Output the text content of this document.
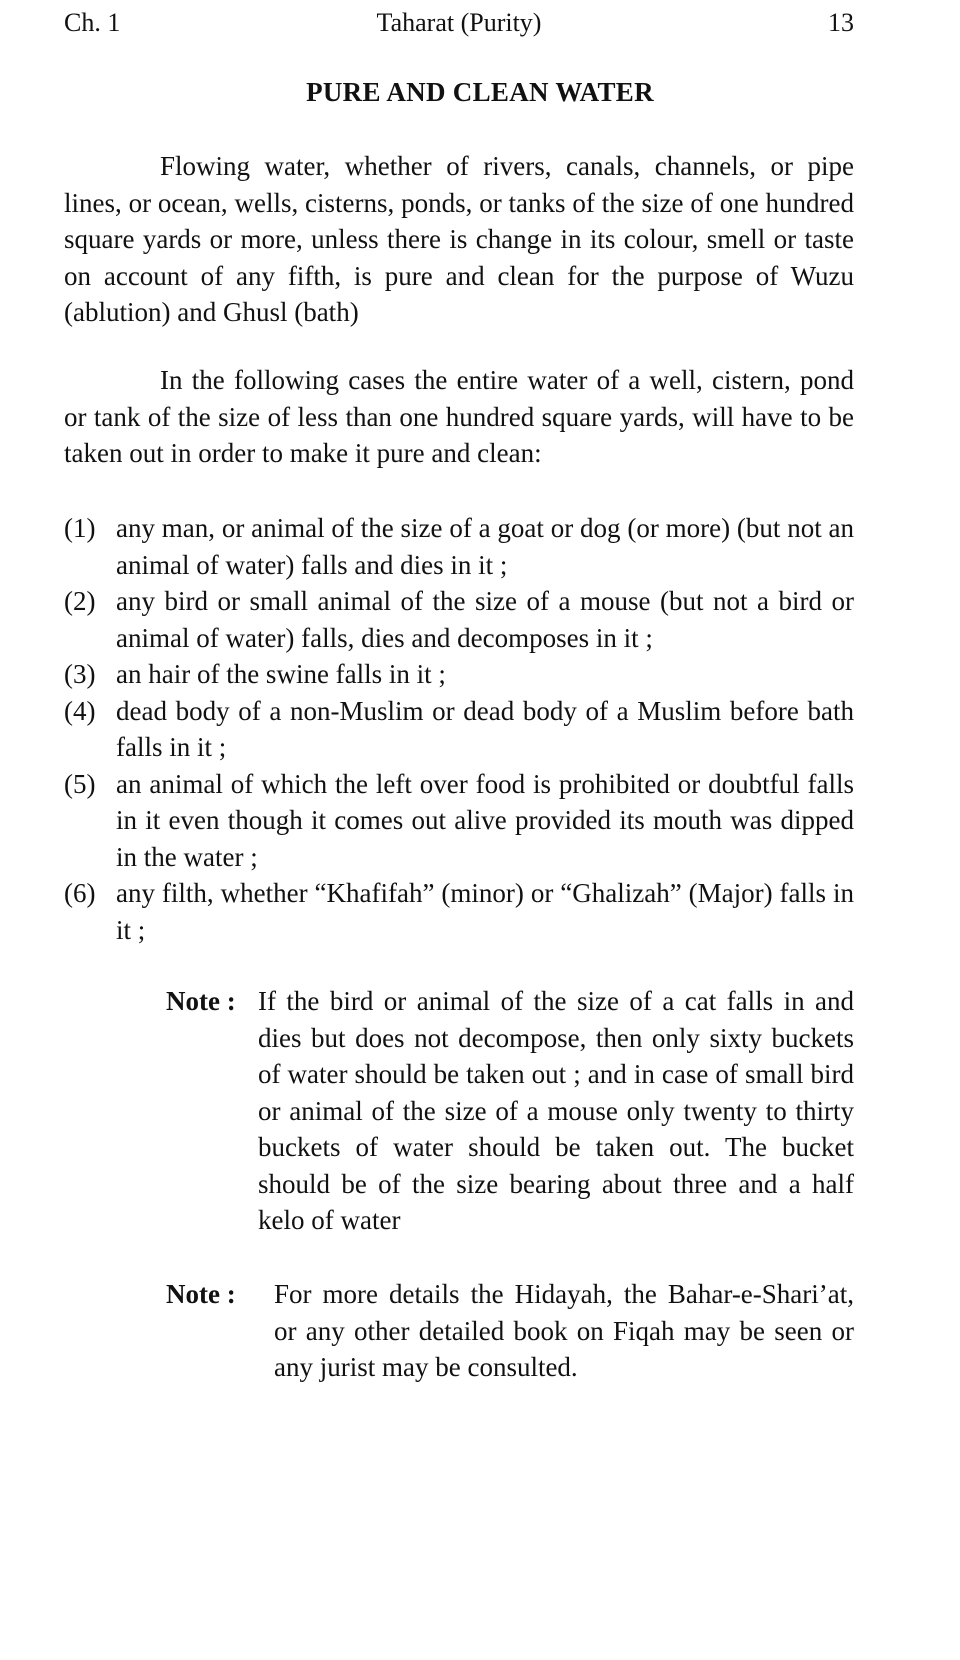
Ch. 1	Taharat (Purity)	13
PURE AND CLEAN WATER

Flowing water, whether of rivers, canals, channels, or pipe lines, or ocean, wells, cisterns, ponds, or tanks of the size of one hundred square yards or more, unless there is change in its colour, smell or taste on account of any fifth, is pure and clean for the purpose of Wuzu (ablution) and Ghusl (bath)

In the following cases the entire water of a well, cistern, pond or tank of the size of less than one hundred square yards, will have to be taken out in order to make it pure and clean:

(1) any man, or animal of the size of a goat or dog (or more) (but not an animal of water) falls and dies in it ;
(2) any bird or small animal of the size of a mouse (but not a bird or animal of water) falls, dies and decomposes in it ;
(3) an hair of the swine falls in it ;
(4) dead body of a non-Muslim or dead body of a Muslim before bath falls in it ;
(5) an animal of which the left over food is prohibited or doubtful falls in it even though it comes out alive provided its mouth was dipped in the water ;
(6) any filth, whether “Khafifah” (minor) or “Ghalizah” (Major) falls in it ;
Note : If the bird or animal of the size of a cat falls in and dies but does not decompose, then only sixty buckets of water should be taken out ; and in case of small bird or animal of the size of a mouse only twenty to thirty buckets of water should be taken out. The bucket should be of the size bearing about three and a half kelo of water
Note :	For more details the Hidayah, the Bahar-e-Shari’at, or any other detailed book on Fiqah may be seen or any jurist may be consulted.
